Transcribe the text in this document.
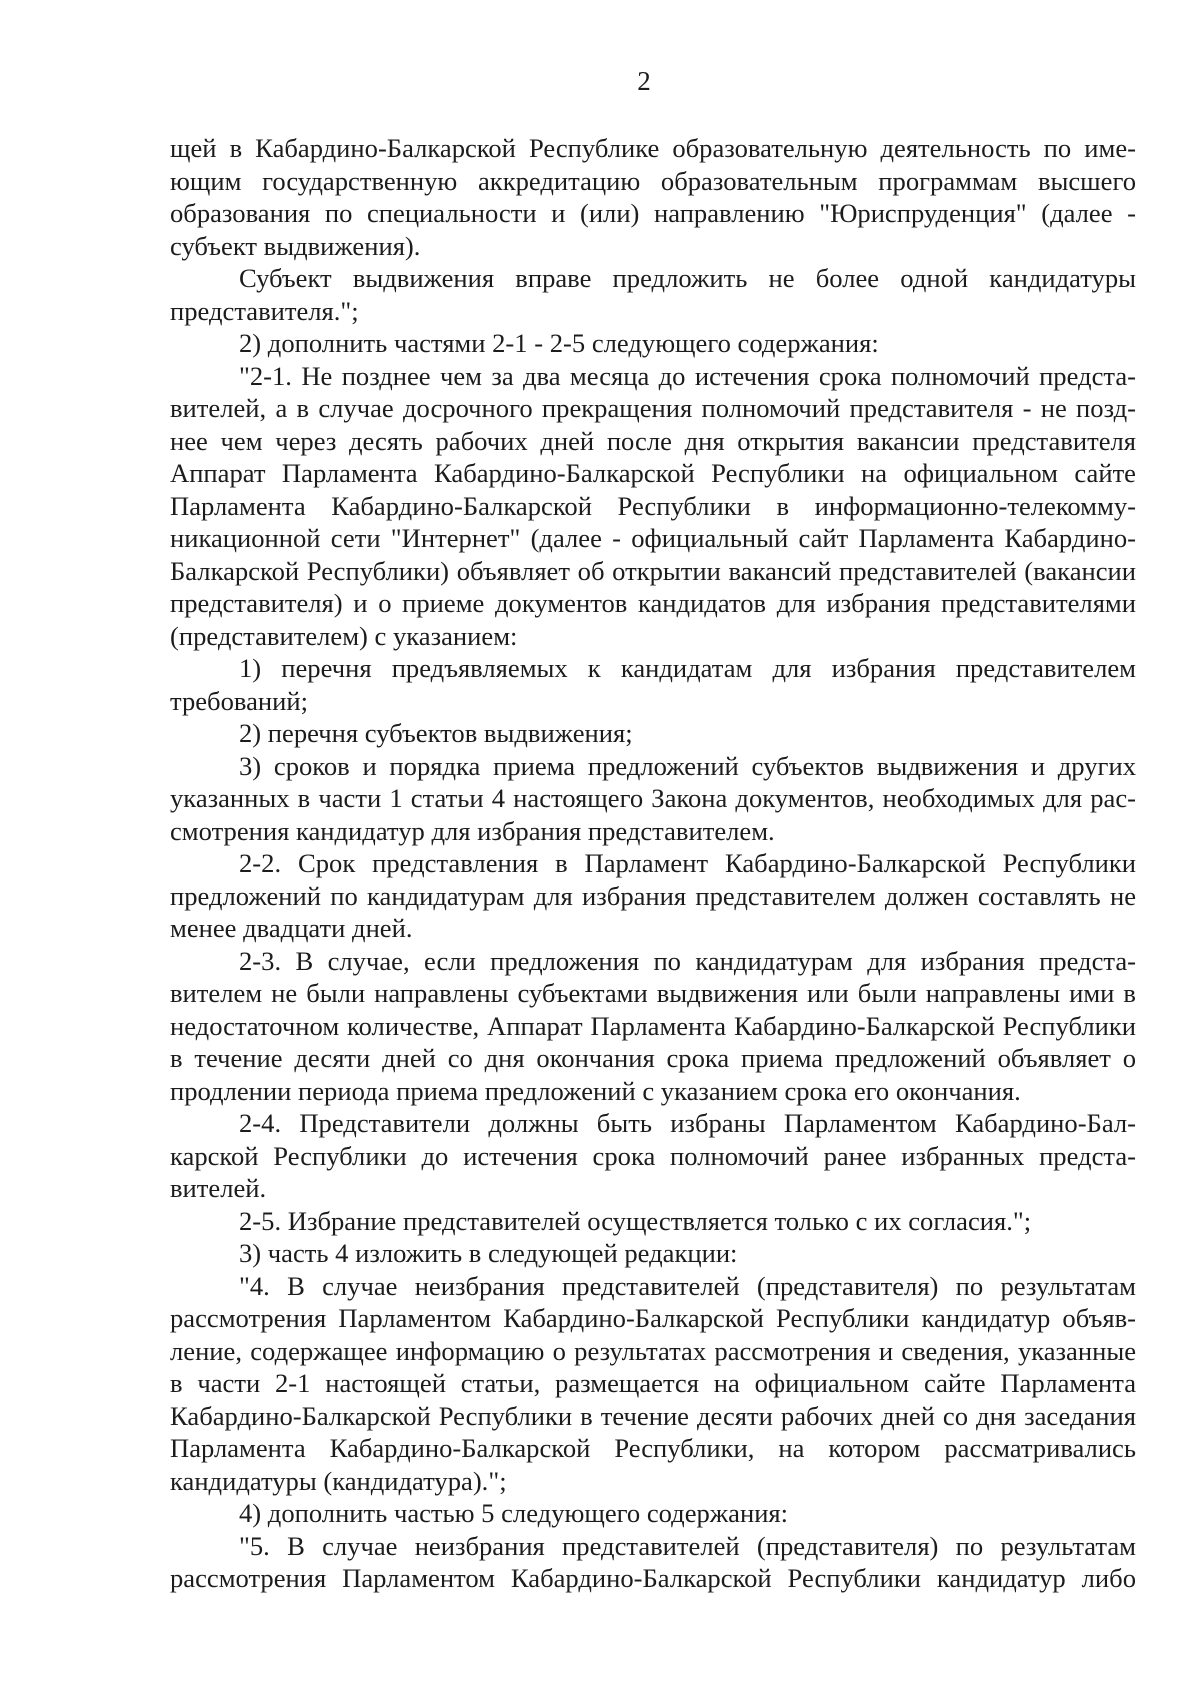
2

щей в Кабардино-Балкарской Республике образовательную деятельность по имеющим государственную аккредитацию образовательным программам высшего образования по специальности и (или) направлению "Юриспруденция" (далее - субъект выдвижения).

Субъект выдвижения вправе предложить не более одной кандидатуры представителя.";

2) дополнить частями 2-1 - 2-5 следующего содержания:

"2-1. Не позднее чем за два месяца до истечения срока полномочий представителей, а в случае досрочного прекращения полномочий представителя - не позднее чем через десять рабочих дней после дня открытия вакансии представителя Аппарат Парламента Кабардино-Балкарской Республики на официальном сайте Парламента Кабардино-Балкарской Республики в информационно-телекоммуникационной сети "Интернет" (далее - официальный сайт Парламента Кабардино-Балкарской Республики) объявляет об открытии вакансий представителей (вакансии представителя) и о приеме документов кандидатов для избрания представителями (представителем) с указанием:

1) перечня предъявляемых к кандидатам для избрания представителем требований;

2) перечня субъектов выдвижения;

3) сроков и порядка приема предложений субъектов выдвижения и других указанных в части 1 статьи 4 настоящего Закона документов, необходимых для рассмотрения кандидатур для избрания представителем.

2-2. Срок представления в Парламент Кабардино-Балкарской Республики предложений по кандидатурам для избрания представителем должен составлять не менее двадцати дней.

2-3. В случае, если предложения по кандидатурам для избрания представителем не были направлены субъектами выдвижения или были направлены ими в недостаточном количестве, Аппарат Парламента Кабардино-Балкарской Республики в течение десяти дней со дня окончания срока приема предложений объявляет о продлении периода приема предложений с указанием срока его окончания.

2-4. Представители должны быть избраны Парламентом Кабардино-Балкарской Республики до истечения срока полномочий ранее избранных представителей.

2-5. Избрание представителей осуществляется только с их согласия.";

3) часть 4 изложить в следующей редакции:

"4. В случае неизбрания представителей (представителя) по результатам рассмотрения Парламентом Кабардино-Балкарской Республики кандидатур объявление, содержащее информацию о результатах рассмотрения и сведения, указанные в части 2-1 настоящей статьи, размещается на официальном сайте Парламента Кабардино-Балкарской Республики в течение десяти рабочих дней со дня заседания Парламента Кабардино-Балкарской Республики, на котором рассматривались кандидатуры (кандидатура).";

4) дополнить частью 5 следующего содержания:

"5. В случае неизбрания представителей (представителя) по результатам рассмотрения Парламентом Кабардино-Балкарской Республики кандидатур либо
